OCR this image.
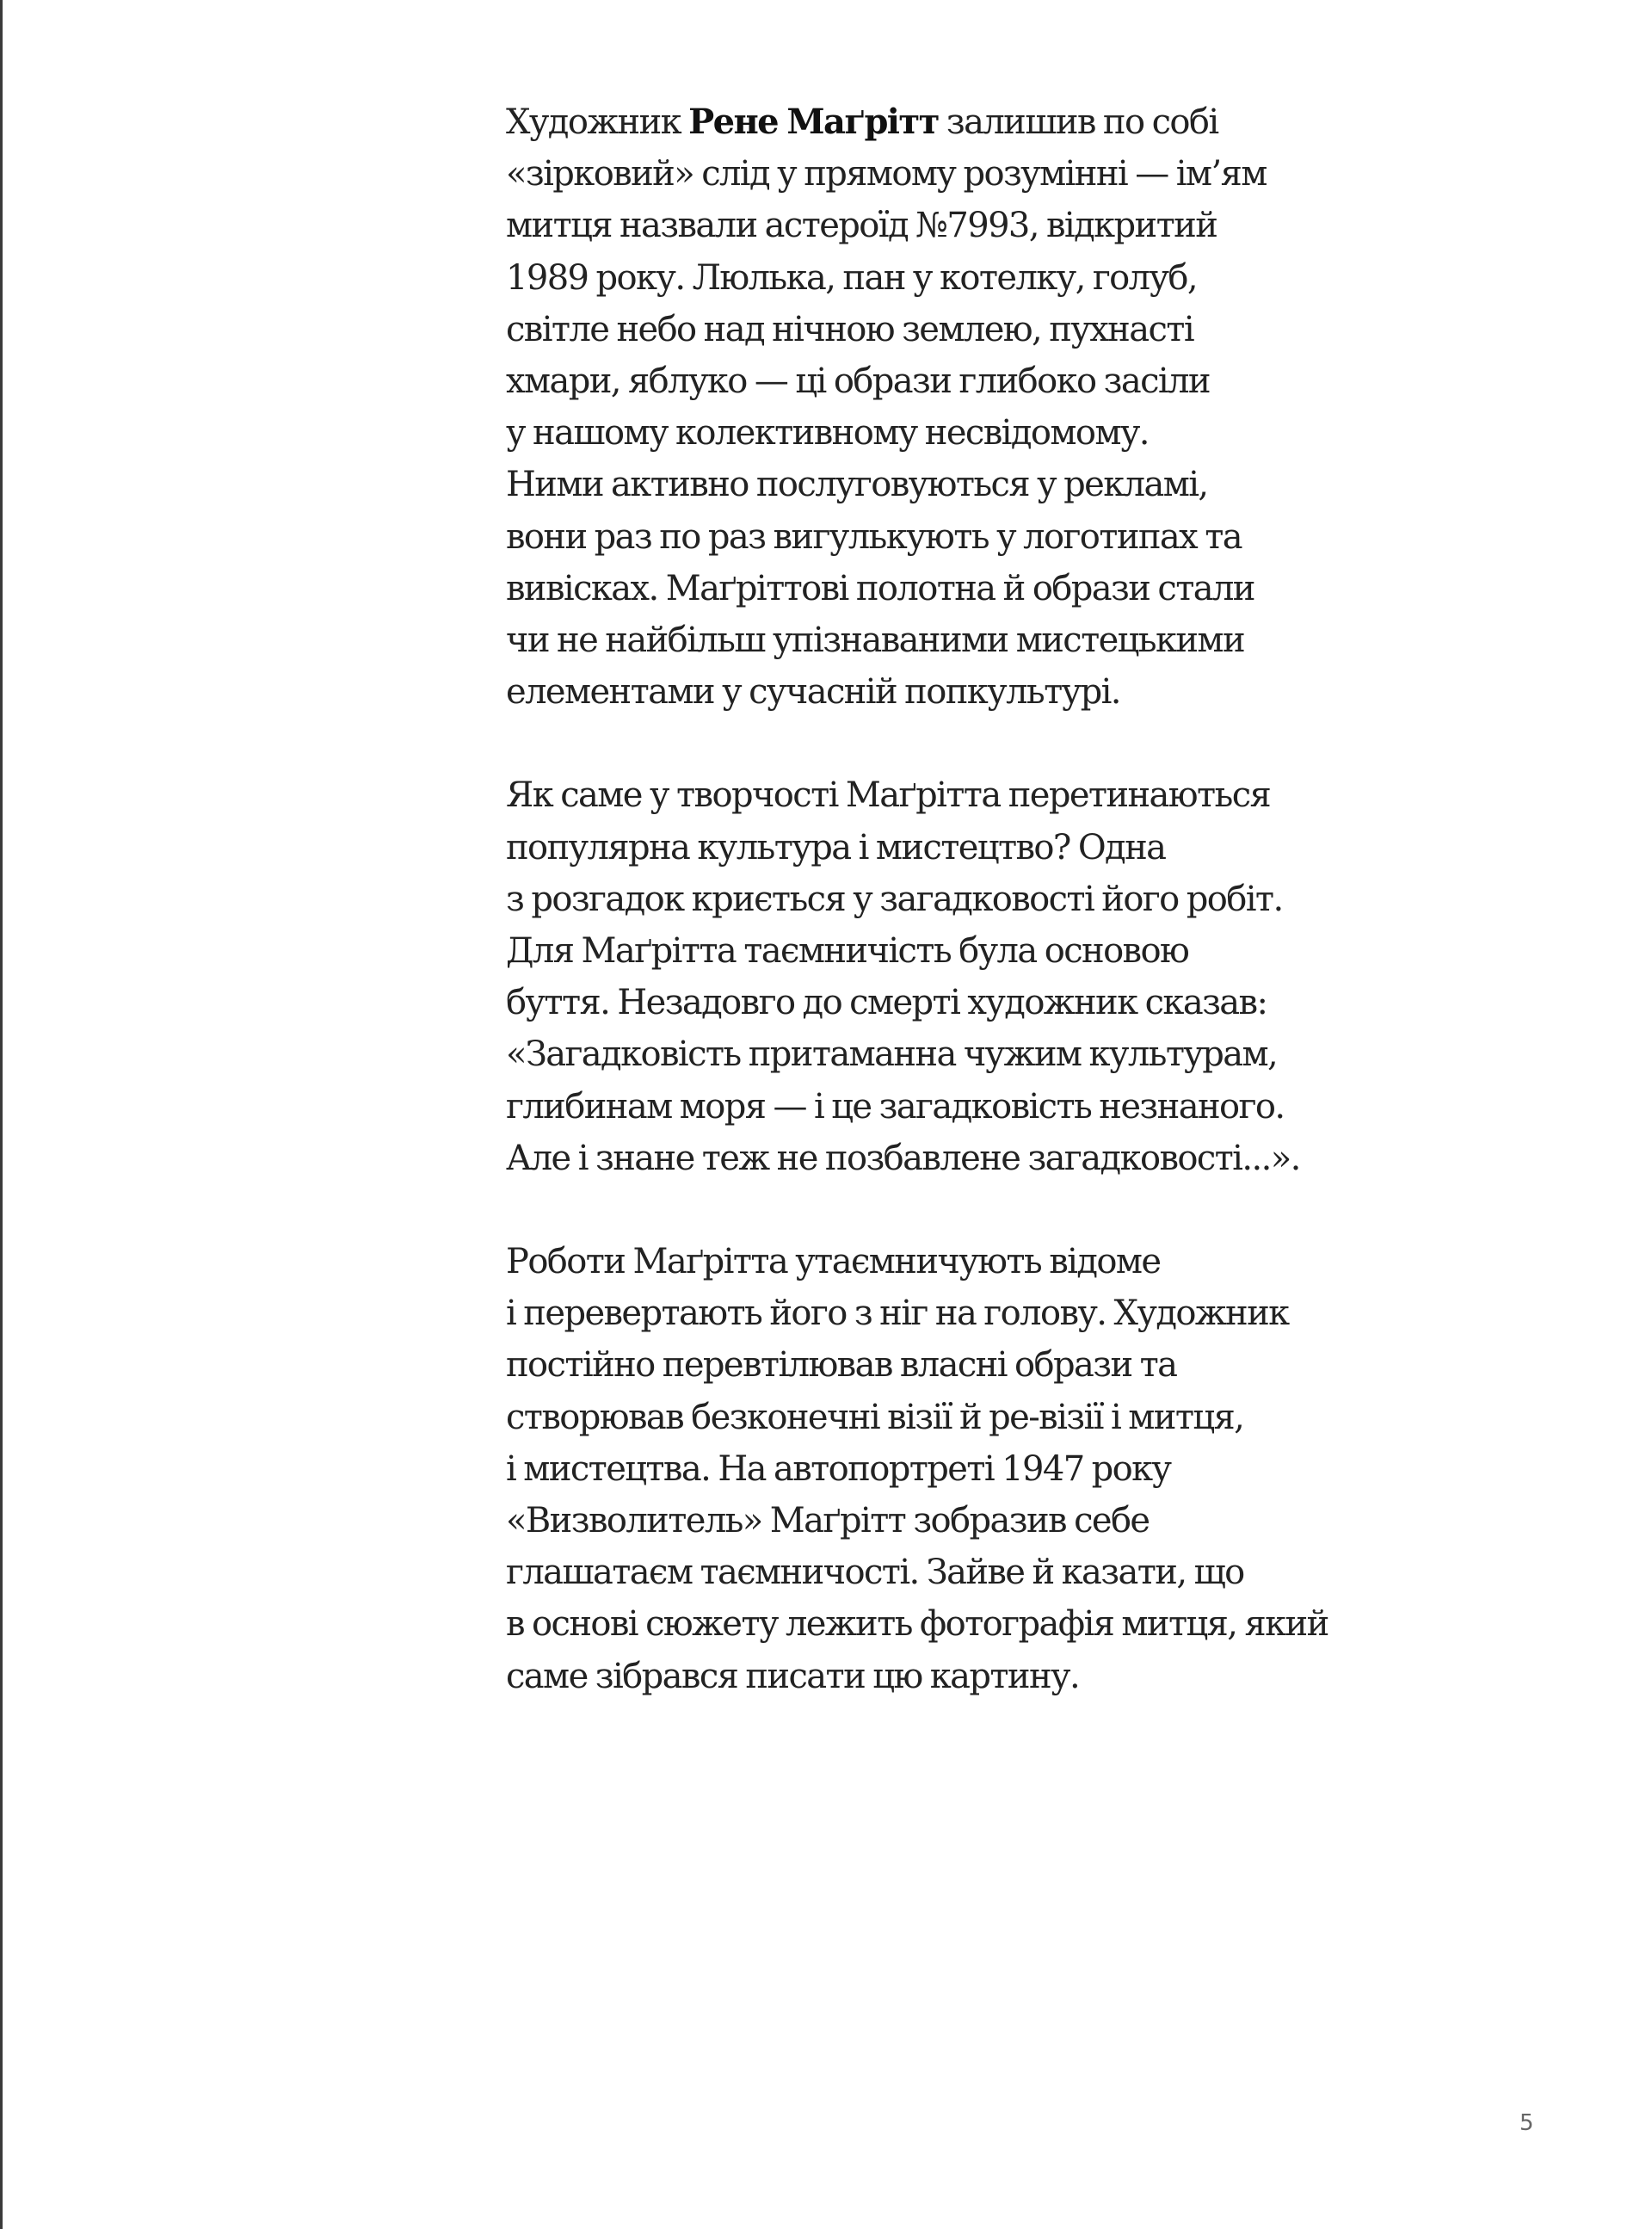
Художник Рене Маґрітт залишив по собі
«зірковий» слід у прямому розумінні — ім’ям
митця назвали астероїд №7993, відкритий
1989 року. Люлька, пан у котелку, голуб,
світле небо над нічною землею, пухнасті
хмари, яблуко — ці образи глибоко засіли
у нашому колективному несвідомому.
Ними активно послуговуються у рекламі,
вони раз по раз вигулькують у логотипах та
вивісках. Маґріттові полотна й образи стали
чи не найбільш упізнаваними мистецькими
елементами у сучасній попкультурі.

Як саме у творчості Маґрітта перетинаються
популярна культура і мистецтво? Одна
з розгадок криється у загадковості його робіт.
Для Маґрітта таємничість була основою
буття. Незадовго до смерті художник сказав:
«Загадковість притаманна чужим культурам,
глибинам моря — і це загадковість незнаного.
Але і знане теж не позбавлене загадковості...».

Роботи Маґрітта утаємничують відоме
і перевертають його з ніг на голову. Художник
постійно перевтілював власні образи та
створював безконечні візії й ре-візії і митця,
і мистецтва. На автопортреті 1947 року
«Визволитель» Маґрітт зобразив себе
глашатаєм таємничості. Зайве й казати, що
в основі сюжету лежить фотографія митця, який
саме зібрався писати цю картину.

5
